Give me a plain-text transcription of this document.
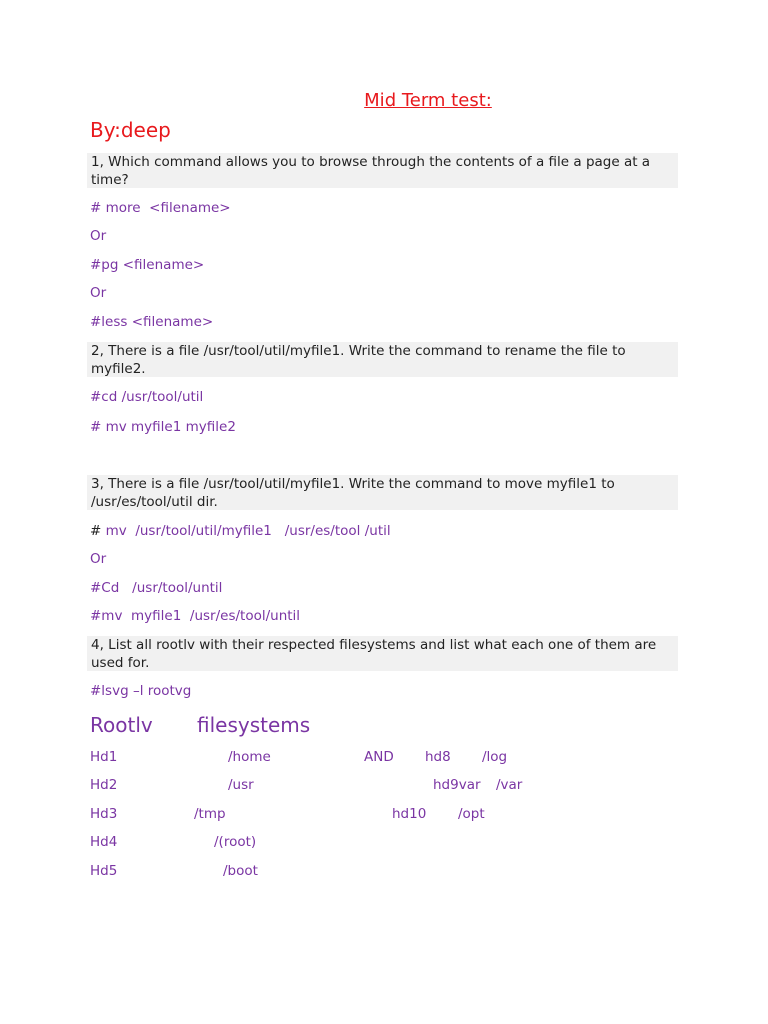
Mid Term test:
By:deep
1, Which command allows you to browse through the contents of a file a page at a time?
# more  <filename>
Or
#pg <filename>
Or
#less <filename>
2, There is a file /usr/tool/util/myfile1. Write the command to rename the file to myfile2.
#cd /usr/tool/util
# mv myfile1 myfile2
3, There is a file /usr/tool/util/myfile1. Write the command to move myfile1 to /usr/es/tool/util dir.
# mv  /usr/tool/util/myfile1   /usr/es/tool /util
Or
#Cd   /usr/tool/until
#mv  myfile1  /usr/es/tool/until
4, List all rootlv with their respected filesystems and list what each one of them are used for.
#lsvg –l rootvg
Rootlv filesystems
Hd1	/home	AND hd8 /log
Hd2	/usr	hd9var /var
Hd3	/tmp	hd10 /opt
Hd4	/(root)
Hd5	/boot
